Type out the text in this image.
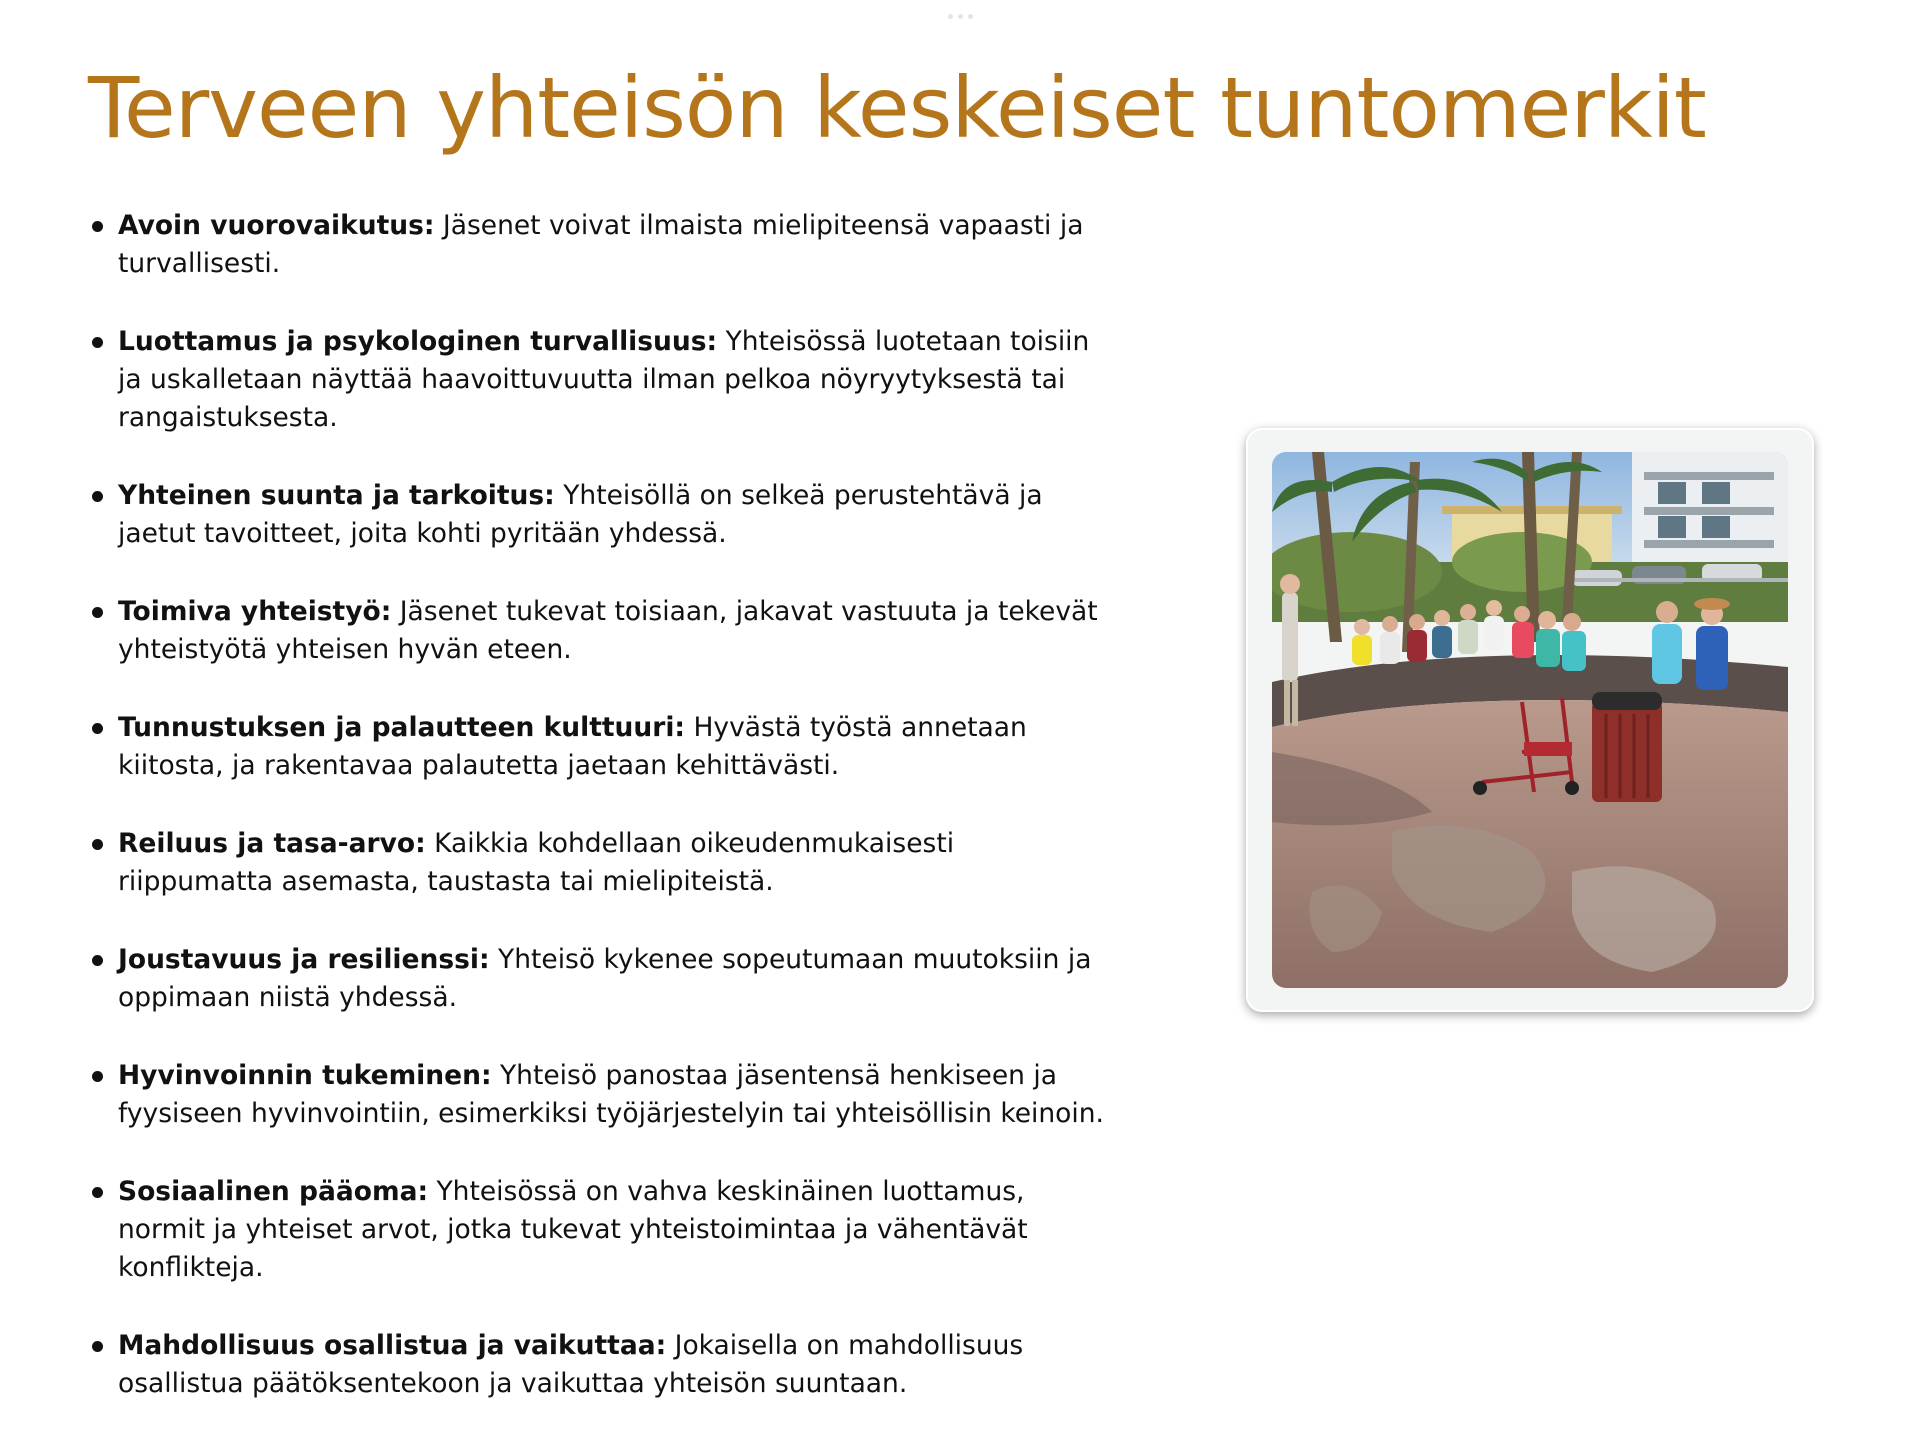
Terveen yhteisön keskeiset tuntomerkit
Avoin vuorovaikutus: Jäsenet voivat ilmaista mielipiteensä vapaasti ja turvallisesti.
Luottamus ja psykologinen turvallisuus: Yhteisössä luotetaan toisiin ja uskalletaan näyttää haavoittuvuutta ilman pelkoa nöyryytyksestä tai rangaistuksesta.
Yhteinen suunta ja tarkoitus: Yhteisöllä on selkeä perustehtävä ja jaetut tavoitteet, joita kohti pyritään yhdessä.
Toimiva yhteistyö: Jäsenet tukevat toisiaan, jakavat vastuuta ja tekevät yhteistyötä yhteisen hyvän eteen.
Tunnustuksen ja palautteen kulttuuri: Hyvästä työstä annetaan kiitosta, ja rakentavaa palautetta jaetaan kehittävästi.
Reiluus ja tasa-arvo: Kaikkia kohdellaan oikeudenmukaisesti riippumatta asemasta, taustasta tai mielipiteistä.
Joustavuus ja resilienssi: Yhteisö kykenee sopeutumaan muutoksiin ja oppimaan niistä yhdessä.
Hyvinvoinnin tukeminen: Yhteisö panostaa jäsentensä henkiseen ja fyysiseen hyvinvointiin, esimerkiksi työjärjestelyin tai yhteisöllisin keinoin.
Sosiaalinen pääoma: Yhteisössä on vahva keskinäinen luottamus, normit ja yhteiset arvot, jotka tukevat yhteistoimintaa ja vähentävät konflikteja.
Mahdollisuus osallistua ja vaikuttaa: Jokaisella on mahdollisuus osallistua päätöksentekoon ja vaikuttaa yhteisön suuntaan.
